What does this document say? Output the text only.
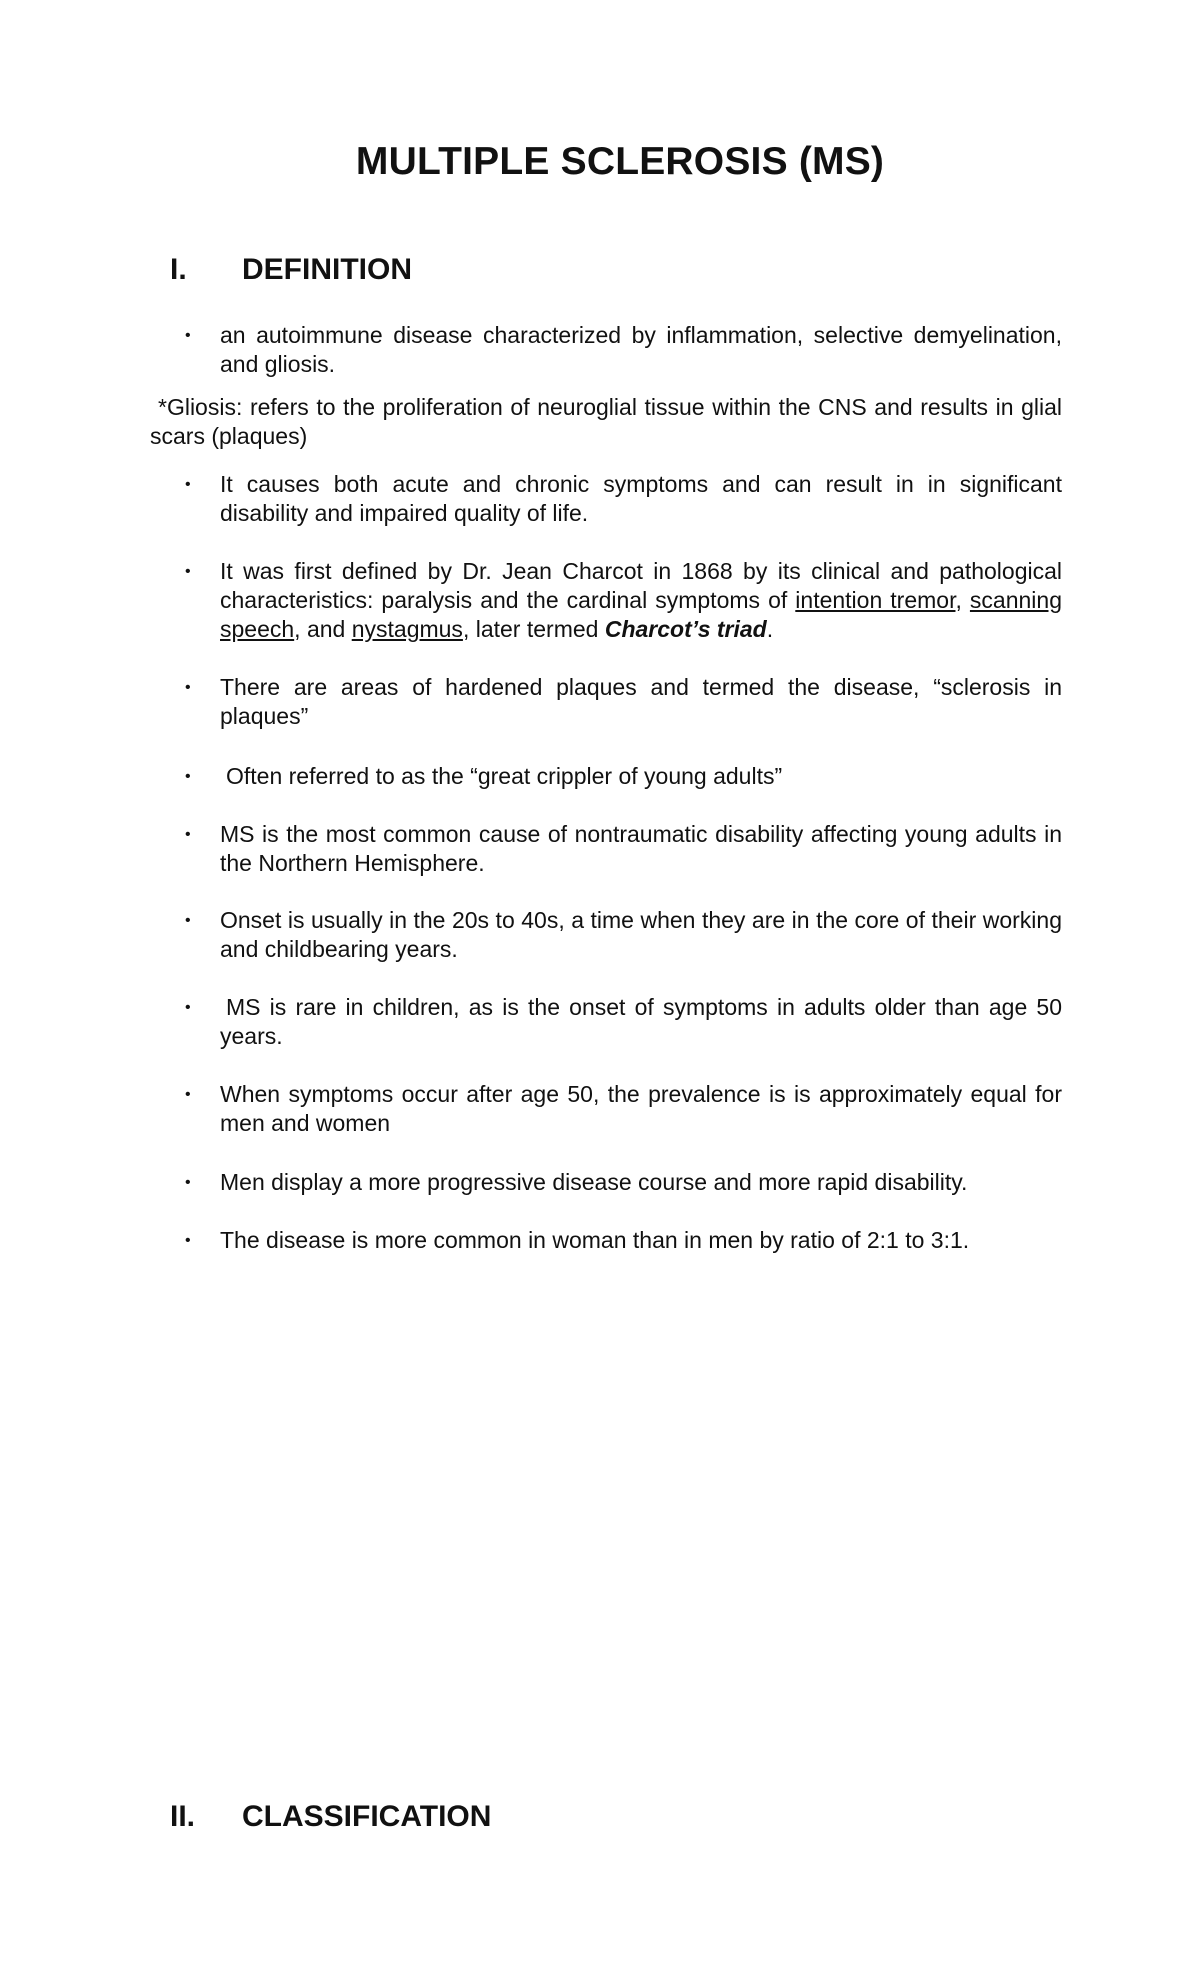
MULTIPLE SCLEROSIS (MS)
I. DEFINITION
• an autoimmune disease characterized by inflammation, selective demyelination, and gliosis.
*Gliosis: refers to the proliferation of neuroglial tissue within the CNS and results in glial scars (plaques)
• It causes both acute and chronic symptoms and can result in in significant disability and impaired quality of life.
• It was first defined by Dr. Jean Charcot in 1868 by its clinical and pathological characteristics: paralysis and the cardinal symptoms of intention tremor, scanning speech, and nystagmus, later termed Charcot’s triad.
• There are areas of hardened plaques and termed the disease, “sclerosis in plaques”
• Often referred to as the “great crippler of young adults”
• MS is the most common cause of nontraumatic disability affecting young adults in the Northern Hemisphere.
• Onset is usually in the 20s to 40s, a time when they are in the core of their working and childbearing years.
• MS is rare in children, as is the onset of symptoms in adults older than age 50 years.
• When symptoms occur after age 50, the prevalence is is approximately equal for men and women
• Men display a more progressive disease course and more rapid disability.
• The disease is more common in woman than in men by ratio of 2:1 to 3:1.
II. CLASSIFICATION
